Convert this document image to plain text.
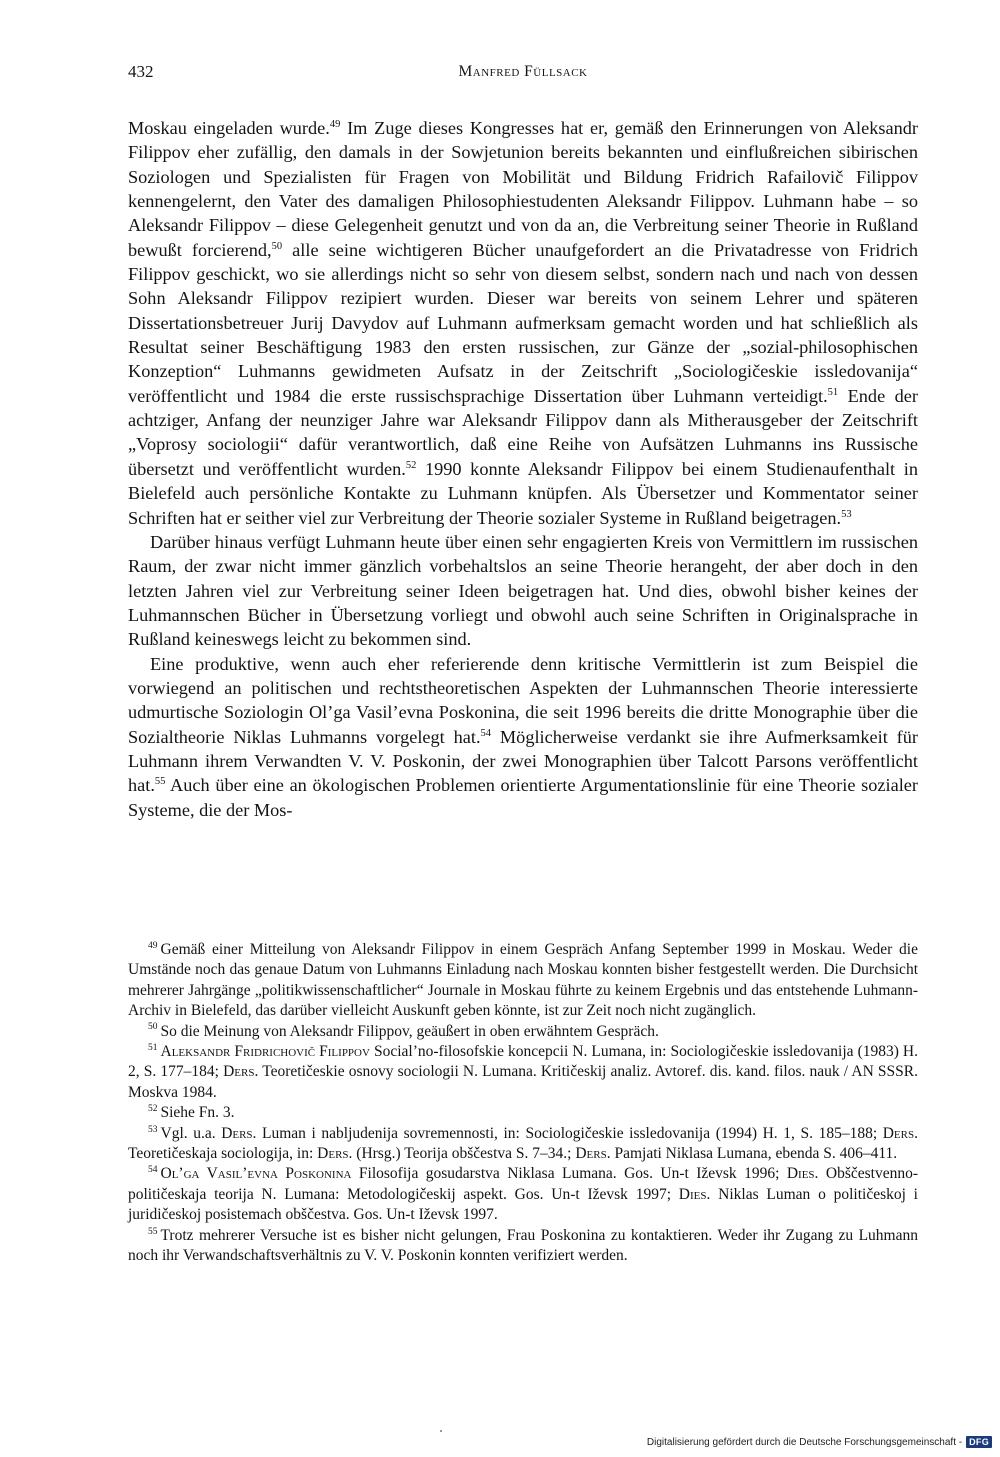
432	Manfred Füllsack

Moskau eingeladen wurde.$^{49}$ Im Zuge dieses Kongresses hat er, gemäß den Erinnerungen von Aleksandr Filippov eher zufällig, den damals in der Sowjetunion bereits bekannten und einflußreichen sibirischen Soziologen und Spezialisten für Fragen von Mobilität und Bildung Fridrich Rafailovič Filippov kennengelernt, den Vater des damaligen Philosophiestudenten Aleksandr Filippov. Luhmann habe – so Aleksandr Filippov – diese Gelegenheit genutzt und von da an, die Verbreitung seiner Theorie in Rußland bewußt forcierend,$^{50}$ alle seine wichtigeren Bücher unaufgefordert an die Privatadresse von Fridrich Filippov geschickt, wo sie allerdings nicht so sehr von diesem selbst, sondern nach und nach von dessen Sohn Aleksandr Filippov rezipiert wurden. Dieser war bereits von seinem Lehrer und späteren Dissertationsbetreuer Jurij Davydov auf Luhmann aufmerksam gemacht worden und hat schließlich als Resultat seiner Beschäftigung 1983 den ersten russischen, zur Gänze der „sozial-philosophischen Konzeption“ Luhmanns gewidmeten Aufsatz in der Zeitschrift „Sociologičeskie issledovanija“ veröffentlicht und 1984 die erste russischsprachige Dissertation über Luhmann verteidigt.$^{51}$ Ende der achtziger, Anfang der neunziger Jahre war Aleksandr Filippov dann als Mitherausgeber der Zeitschrift „Voprosy sociologii“ dafür verantwortlich, daß eine Reihe von Aufsätzen Luhmanns ins Russische übersetzt und veröffentlicht wurden.$^{52}$ 1990 konnte Aleksandr Filippov bei einem Studienaufenthalt in Bielefeld auch persönliche Kontakte zu Luhmann knüpfen. Als Übersetzer und Kommentator seiner Schriften hat er seither viel zur Verbreitung der Theorie sozialer Systeme in Rußland beigetragen.$^{53}$

Darüber hinaus verfügt Luhmann heute über einen sehr engagierten Kreis von Vermittlern im russischen Raum, der zwar nicht immer gänzlich vorbehaltslos an seine Theorie herangeht, der aber doch in den letzten Jahren viel zur Verbreitung seiner Ideen beigetragen hat. Und dies, obwohl bisher keines der Luhmannschen Bücher in Übersetzung vorliegt und obwohl auch seine Schriften in Originalsprache in Rußland keineswegs leicht zu bekommen sind.

Eine produktive, wenn auch eher referierende denn kritische Vermittlerin ist zum Beispiel die vorwiegend an politischen und rechtstheoretischen Aspekten der Luhmannschen Theorie interessierte udmurtische Soziologin Ol’ga Vasil’evna Poskonina, die seit 1996 bereits die dritte Monographie über die Sozialtheorie Niklas Luhmanns vorgelegt hat.$^{54}$ Möglicherweise verdankt sie ihre Aufmerksamkeit für Luhmann ihrem Verwandten V. V. Poskonin, der zwei Monographien über Talcott Parsons veröffentlicht hat.$^{55}$ Auch über eine an ökologischen Problemen orientierte Argumentationslinie für eine Theorie sozialer Systeme, die der Mos-

$^{49}$ Gemäß einer Mitteilung von Aleksandr Filippov in einem Gespräch Anfang September 1999 in Moskau. Weder die Umstände noch das genaue Datum von Luhmanns Einladung nach Moskau konnten bisher festgestellt werden. Die Durchsicht mehrerer Jahrgänge „politikwissenschaftlicher“ Journale in Moskau führte zu keinem Ergebnis und das entstehende Luhmann-Archiv in Bielefeld, das darüber vielleicht Auskunft geben könnte, ist zur Zeit noch nicht zugänglich.

$^{50}$ So die Meinung von Aleksandr Filippov, geäußert in oben erwähntem Gespräch.

$^{51}$ Aleksandr Fridrichovič Filippov Social’no-filosofskie koncepcii N. Lumana, in: Sociologičeskie issledovanija (1983) H. 2, S. 177–184; Ders. Teoretičeskie osnovy sociologii N. Lumana. Kritičeskij analiz. Avtoref. dis. kand. filos. nauk / AN SSSR. Moskva 1984.

$^{52}$ Siehe Fn. 3.

$^{53}$ Vgl. u.a. Ders. Luman i nabljudenija sovremennosti, in: Sociologičeskie issledovanija (1994) H. 1, S. 185–188; Ders. Teoretičeskaja sociologija, in: Ders. (Hrsg.) Teorija obščestva S. 7–34.; Ders. Pamjati Niklasa Lumana, ebenda S. 406–411.

$^{54}$ Ol’ga Vasil’evna Poskonina Filosofija gosudarstva Niklasa Lumana. Gos. Un-t Iževsk 1996; Dies. Obščestvenno-političeskaja teorija N. Lumana: Metodologičeskij aspekt. Gos. Un-t Iževsk 1997; Dies. Niklas Luman o političeskoj i juridičeskoj posistemach obščestva. Gos. Un-t Iževsk 1997.

$^{55}$ Trotz mehrerer Versuche ist es bisher nicht gelungen, Frau Poskonina zu kontaktieren. Weder ihr Zugang zu Luhmann noch ihr Verwandschaftsverhältnis zu V. V. Poskonin konnten verifiziert werden.

Digitalisierung gefördert durch die Deutsche Forschungsgemeinschaft - DFG
